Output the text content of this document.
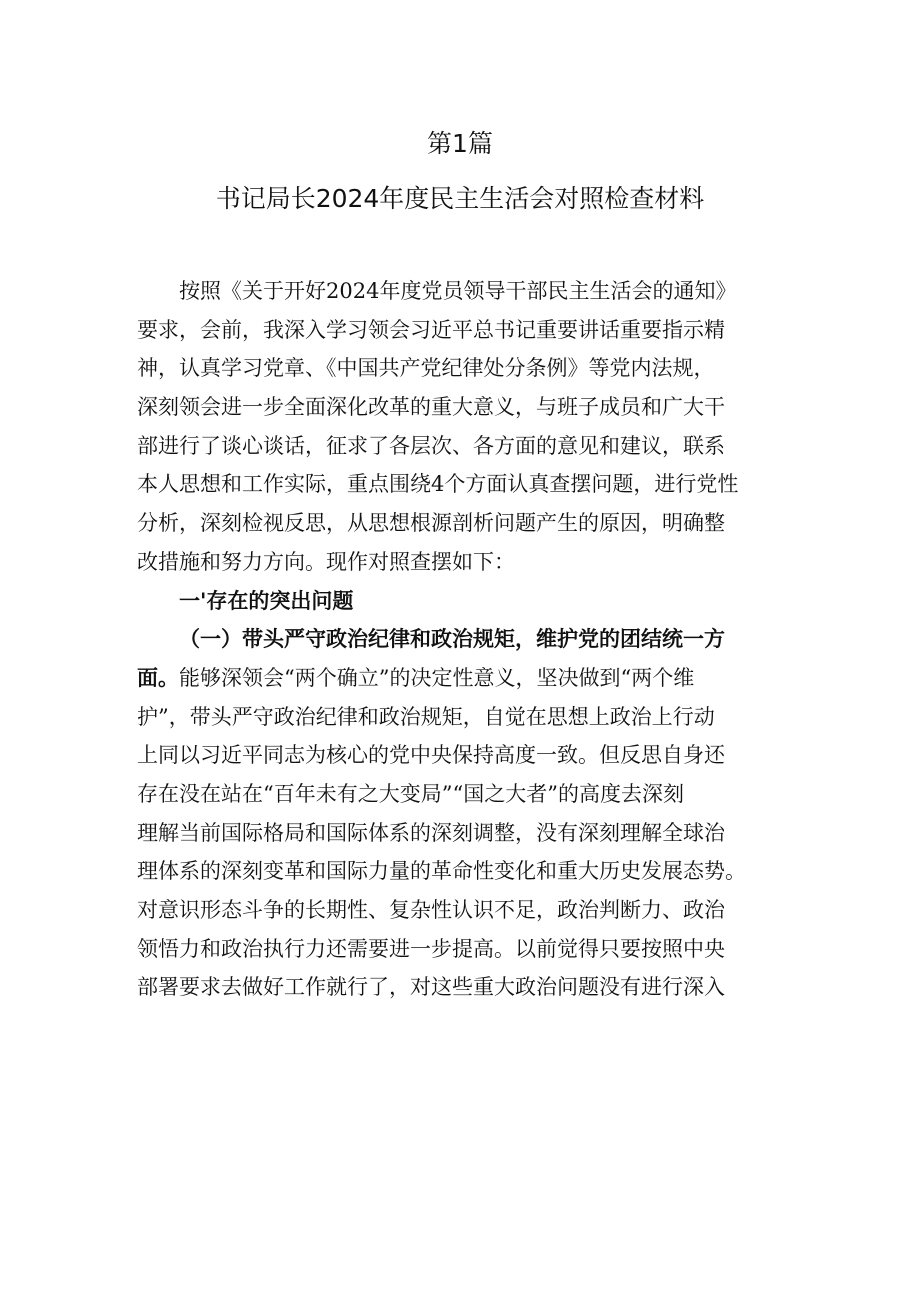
第1篇
书记局长2024年度民主生活会对照检查材料
按照《关于开好2024年度党员领导干部民主生活会的通知》
要求，会前，我深入学习领会习近平总书记重要讲话重要指示精
神，认真学习党章、《中国共产党纪律处分条例》等党内法规，
深刻领会进一步全面深化改革的重大意义，与班子成员和广大干
部进行了谈心谈话，征求了各层次、各方面的意见和建议，联系
本人思想和工作实际，重点围绕4个方面认真查摆问题，进行党性
分析，深刻检视反思，从思想根源剖析问题产生的原因，明确整
改措施和努力方向。现作对照查摆如下：
一'存在的突出问题
（一）带头严守政治纪律和政治规矩，维护党的团结统一方
面。能够深领会“两个确立”的决定性意义，坚决做到“两个维
护”，带头严守政治纪律和政治规矩，自觉在思想上政治上行动
上同以习近平同志为核心的党中央保持高度一致。但反思自身还
存在没在站在“百年未有之大变局”“国之大者”的高度去深刻
理解当前国际格局和国际体系的深刻调整，没有深刻理解全球治
理体系的深刻变革和国际力量的革命性变化和重大历史发展态势。
对意识形态斗争的长期性、复杂性认识不足，政治判断力、政治
领悟力和政治执行力还需要进一步提高。以前觉得只要按照中央
部署要求去做好工作就行了，对这些重大政治问题没有进行深入
